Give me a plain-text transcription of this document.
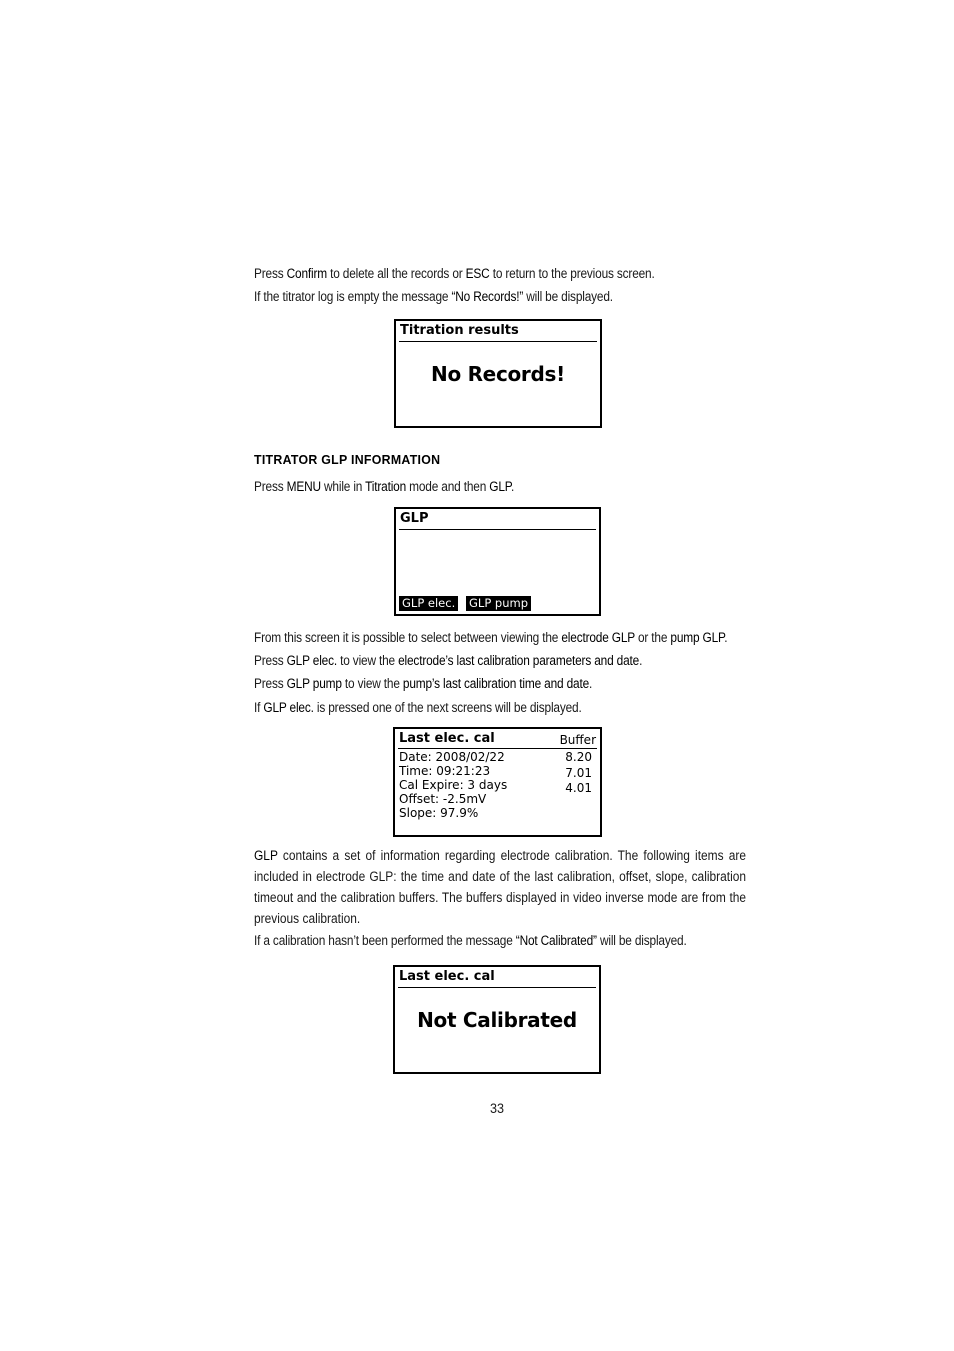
Press Confirm to delete all the records or ESC to return to the previous screen.
If the titrator log is empty the message “No Records!” will be displayed.
Titration results
No Records!
TITRATOR GLP INFORMATION
Press MENU while in Titration mode and then GLP.
GLP
GLP elec. GLP pump
From this screen it is possible to select between viewing the electrode GLP or the pump GLP.
Press GLP elec. to view the electrode’s last calibration parameters and date.
Press GLP pump to view the pump’s last calibration time and date.
If GLP elec. is pressed one of the next screens will be displayed.
Last elec. cal	Buffer
Date: 2008/02/22
Time: 09:21:23
Cal Expire: 3 days
Offset: -2.5mV
Slope: 97.9%
8.20
7.01
4.01
GLP contains a set of information regarding electrode calibration. The following items are included in electrode GLP: the time and date of the last calibration, offset, slope, calibration timeout and the calibration buffers. The buffers displayed in video inverse mode are from the previous calibration.
If a calibration hasn’t been performed the message “Not Calibrated” will be displayed.
Last elec. cal
Not Calibrated
33
